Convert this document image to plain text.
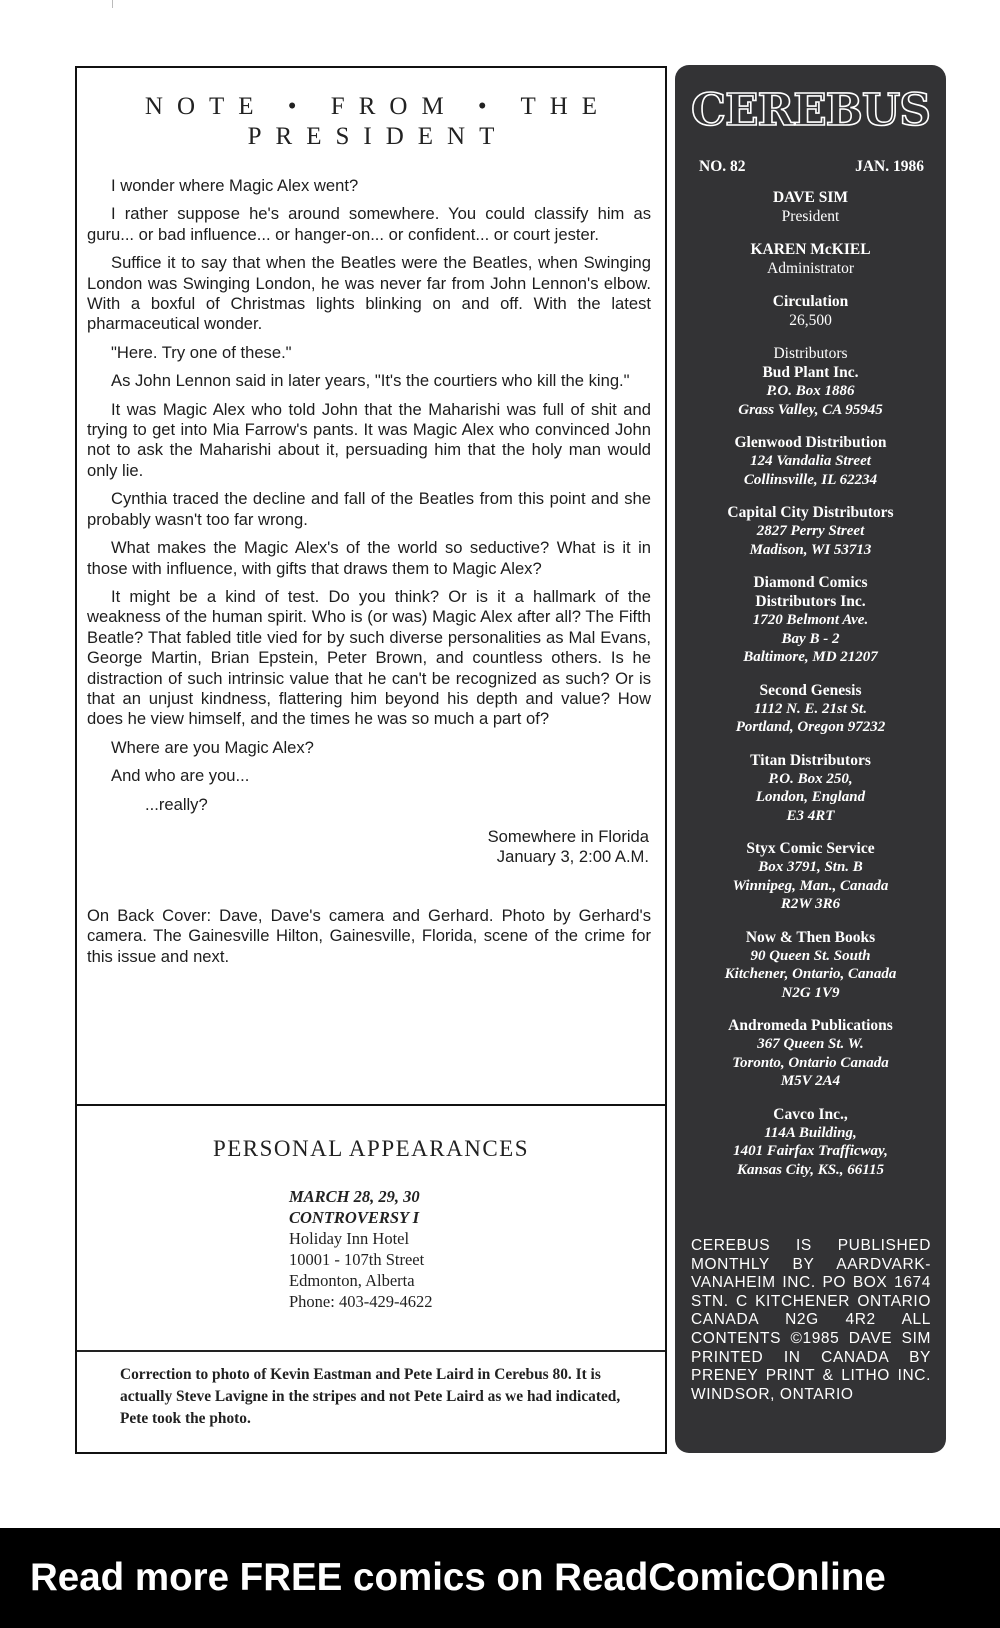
NOTE • FROM • THE
PRESIDENT

I wonder where Magic Alex went?

I rather suppose he's around somewhere. You could classify him as guru... or bad influence... or hanger-on... or confident... or court jester.

Suffice it to say that when the Beatles were the Beatles, when Swinging London was Swinging London, he was never far from John Lennon's elbow. With a boxful of Christmas lights blinking on and off. With the latest pharmaceutical wonder.

"Here. Try one of these."

As John Lennon said in later years, "It's the courtiers who kill the king."

It was Magic Alex who told John that the Maharishi was full of shit and trying to get into Mia Farrow's pants. It was Magic Alex who convinced John not to ask the Maharishi about it, persuading him that the holy man would only lie.

Cynthia traced the decline and fall of the Beatles from this point and she probably wasn't too far wrong.

What makes the Magic Alex's of the world so seductive? What is it in those with influence, with gifts that draws them to Magic Alex?

It might be a kind of test. Do you think? Or is it a hallmark of the weakness of the human spirit. Who is (or was) Magic Alex after all? The Fifth Beatle? That fabled title vied for by such diverse personalities as Mal Evans, George Martin, Brian Epstein, Peter Brown, and countless others. Is he distraction of such intrinsic value that he can't be recognized as such? Or is that an unjust kindness, flattering him beyond his depth and value? How does he view himself, and the times he was so much a part of?

Where are you Magic Alex?

And who are you...

...really?

Somewhere in Florida
January 3, 2:00 A.M.

On Back Cover: Dave, Dave's camera and Gerhard. Photo by Gerhard's camera. The Gainesville Hilton, Gainesville, Florida, scene of the crime for this issue and next.

PERSONAL APPEARANCES
MARCH 28, 29, 30
CONTROVERSY I
Holiday Inn Hotel
10001 - 107th Street
Edmonton, Alberta
Phone: 403-429-4622
Correction to photo of Kevin Eastman and Pete Laird in Cerebus 80. It is actually Steve Lavigne in the stripes and not Pete Laird as we had indicated, Pete took the photo.
CEREBUS
NO. 82	JAN. 1986
DAVE SIM
President
KAREN McKIEL
Administrator
Circulation
26,500
Distributors
Bud Plant Inc.
P.O. Box 1886
Grass Valley, CA 95945
Glenwood Distribution
124 Vandalia Street
Collinsville, IL 62234
Capital City Distributors
2827 Perry Street
Madison, WI 53713
Diamond Comics Distributors Inc.
1720 Belmont Ave.
Bay B - 2
Baltimore, MD 21207
Second Genesis
1112 N. E. 21st St.
Portland, Oregon 97232
Titan Distributors
P.O. Box 250,
London, England
E3 4RT
Styx Comic Service
Box 3791, Stn. B
Winnipeg, Man., Canada
R2W 3R6
Now & Then Books
90 Queen St. South
Kitchener, Ontario, Canada
N2G 1V9
Andromeda Publications
367 Queen St. W.
Toronto, Ontario Canada
M5V 2A4
Cavco Inc.,
114A Building,
1401 Fairfax Trafficway,
Kansas City, KS., 66115
CEREBUS IS PUBLISHED MONTHLY BY AARDVARK-VANAHEIM INC. PO BOX 1674 STN. C KITCHENER ONTARIO CANADA N2G 4R2 ALL CONTENTS ©1985 DAVE SIM PRINTED IN CANADA BY PRENEY PRINT & LITHO INC. WINDSOR, ONTARIO
Read more FREE comics on ReadComicOnline
